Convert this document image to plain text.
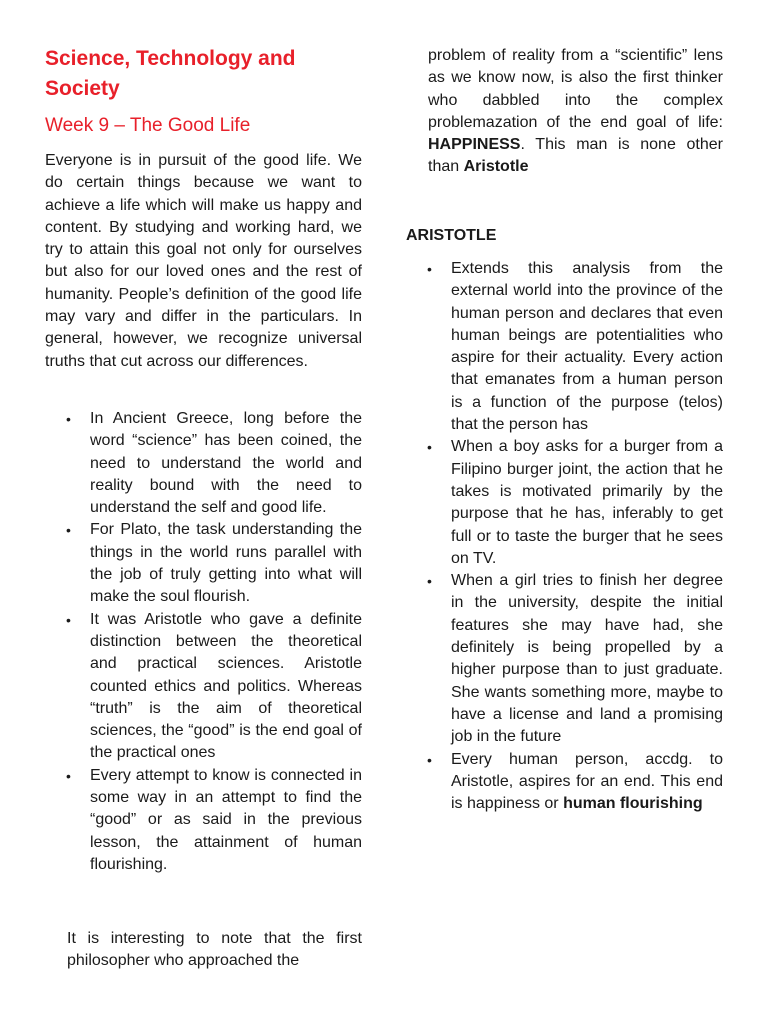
Science, Technology and Society
Week 9 – The Good Life

Everyone is in pursuit of the good life. We do certain things because we want to achieve a life which will make us happy and content. By studying and working hard, we try to attain this goal not only for ourselves but also for our loved ones and the rest of humanity. People’s definition of the good life may vary and differ in the particulars. In general, however, we recognize universal truths that cut across our differences.

• In Ancient Greece, long before the word “science” has been coined, the need to understand the world and reality bound with the need to understand the self and good life.
• For Plato, the task understanding the things in the world runs parallel with the job of truly getting into what will make the soul flourish.
• It was Aristotle who gave a definite distinction between the theoretical and practical sciences. Aristotle counted ethics and politics. Whereas “truth” is the aim of theoretical sciences, the “good” is the end goal of the practical ones
• Every attempt to know is connected in some way in an attempt to find the “good” or as said in the previous lesson, the attainment of human flourishing.

It is interesting to note that the first philosopher who approached the

problem of reality from a “scientific” lens as we know now, is also the first thinker who dabbled into the complex problemazation of the end goal of life: HAPPINESS. This man is none other than Aristotle

ARISTOTLE
• Extends this analysis from the external world into the province of the human person and declares that even human beings are potentialities who aspire for their actuality. Every action that emanates from a human person is a function of the purpose (telos) that the person has
• When a boy asks for a burger from a Filipino burger joint, the action that he takes is motivated primarily by the purpose that he has, inferably to get full or to taste the burger that he sees on TV.
• When a girl tries to finish her degree in the university, despite the initial features she may have had, she definitely is being propelled by a higher purpose than to just graduate. She wants something more, maybe to have a license and land a promising job in the future
• Every human person, accdg. to Aristotle, aspires for an end. This end is happiness or human flourishing
